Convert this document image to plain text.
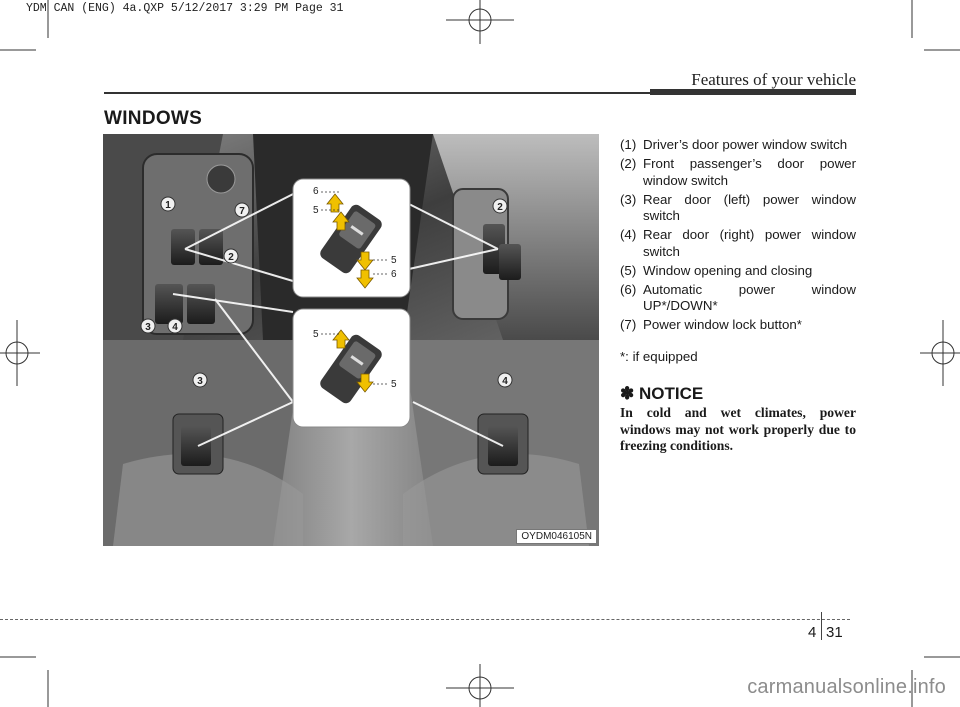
YDM CAN (ENG) 4a.QXP 5/12/2017 3:29 PM Page 31
Features of your vehicle
WINDOWS
1
2
3 4
7	2
3	4
6
5
5
6
5
5
OYDM046105N
(1) Driver’s door power window switch
(2) Front passenger’s door power window switch
(3) Rear door (left) power window switch
(4) Rear door (right) power window switch
(5) Window opening and closing
(6) Automatic power window UP*/DOWN*
(7) Power window lock button*
*: if equipped
✽ NOTICE
In cold and wet climates, power windows may not work properly due to freezing conditions.
4 31
carmanualsonline.info
